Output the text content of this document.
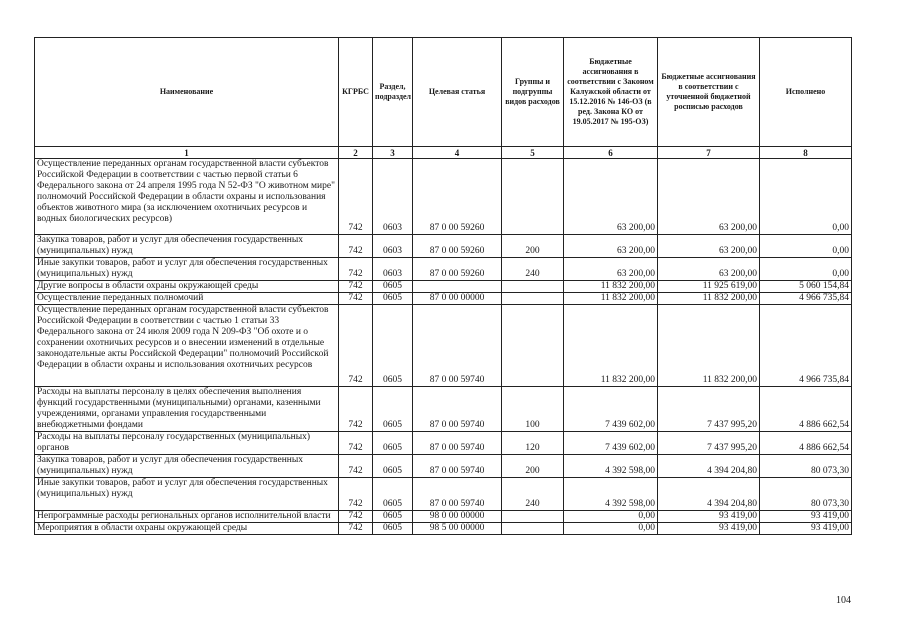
Наименование	КГРБС	Раздел, подраздел	Целевая статья	Группы и подгруппы видов расходов	Бюджетные ассигнования в соответствии с Законом Калужской области от 15.12.2016 № 146-ОЗ (в ред. Закона КО от 19.05.2017 № 195-ОЗ)	Бюджетные ассигнования в соответствии с уточненной бюджетной росписью расходов	Исполнено
1	2	3	4	5	6	7	8
Осуществление переданных органам государственной власти субъектов Российской Федерации в соответствии с частью первой статьи 6 Федерального закона от 24 апреля 1995 года N 52-ФЗ "О животном мире" полномочий Российской Федерации в области охраны и использования объектов животного мира (за исключением охотничьих ресурсов и водных биологических ресурсов)	742	0603	87 0 00 59260		63 200,00	63 200,00	0,00
Закупка товаров, работ и услуг для обеспечения государственных (муниципальных) нужд	742	0603	87 0 00 59260	200	63 200,00	63 200,00	0,00
Иные закупки товаров, работ и услуг для обеспечения государственных (муниципальных) нужд	742	0603	87 0 00 59260	240	63 200,00	63 200,00	0,00
Другие вопросы в области охраны окружающей среды	742	0605			11 832 200,00	11 925 619,00	5 060 154,84
Осуществление переданных полномочий	742	0605	87 0 00 00000		11 832 200,00	11 832 200,00	4 966 735,84
Осуществление переданных органам государственной власти субъектов Российской Федерации в соответствии с частью 1 статьи 33 Федерального закона от 24 июля 2009 года N 209-ФЗ "Об охоте и о сохранении охотничьих ресурсов и о внесении изменений в отдельные законодательные акты Российской Федерации" полномочий Российской Федерации в области охраны и использования охотничьих ресурсов	742	0605	87 0 00 59740		11 832 200,00	11 832 200,00	4 966 735,84
Расходы на выплаты персоналу в целях обеспечения выполнения функций государственными (муниципальными) органами, казенными учреждениями, органами управления государственными внебюджетными фондами	742	0605	87 0 00 59740	100	7 439 602,00	7 437 995,20	4 886 662,54
Расходы на выплаты персоналу государственных (муниципальных) органов	742	0605	87 0 00 59740	120	7 439 602,00	7 437 995,20	4 886 662,54
Закупка товаров, работ и услуг для обеспечения государственных (муниципальных) нужд	742	0605	87 0 00 59740	200	4 392 598,00	4 394 204,80	80 073,30
Иные закупки товаров, работ и услуг для обеспечения государственных (муниципальных) нужд	742	0605	87 0 00 59740	240	4 392 598,00	4 394 204,80	80 073,30
Непрограммные расходы региональных органов исполнительной власти	742	0605	98 0 00 00000		0,00	93 419,00	93 419,00
Мероприятия в области охраны окружающей среды	742	0605	98 5 00 00000		0,00	93 419,00	93 419,00
104
